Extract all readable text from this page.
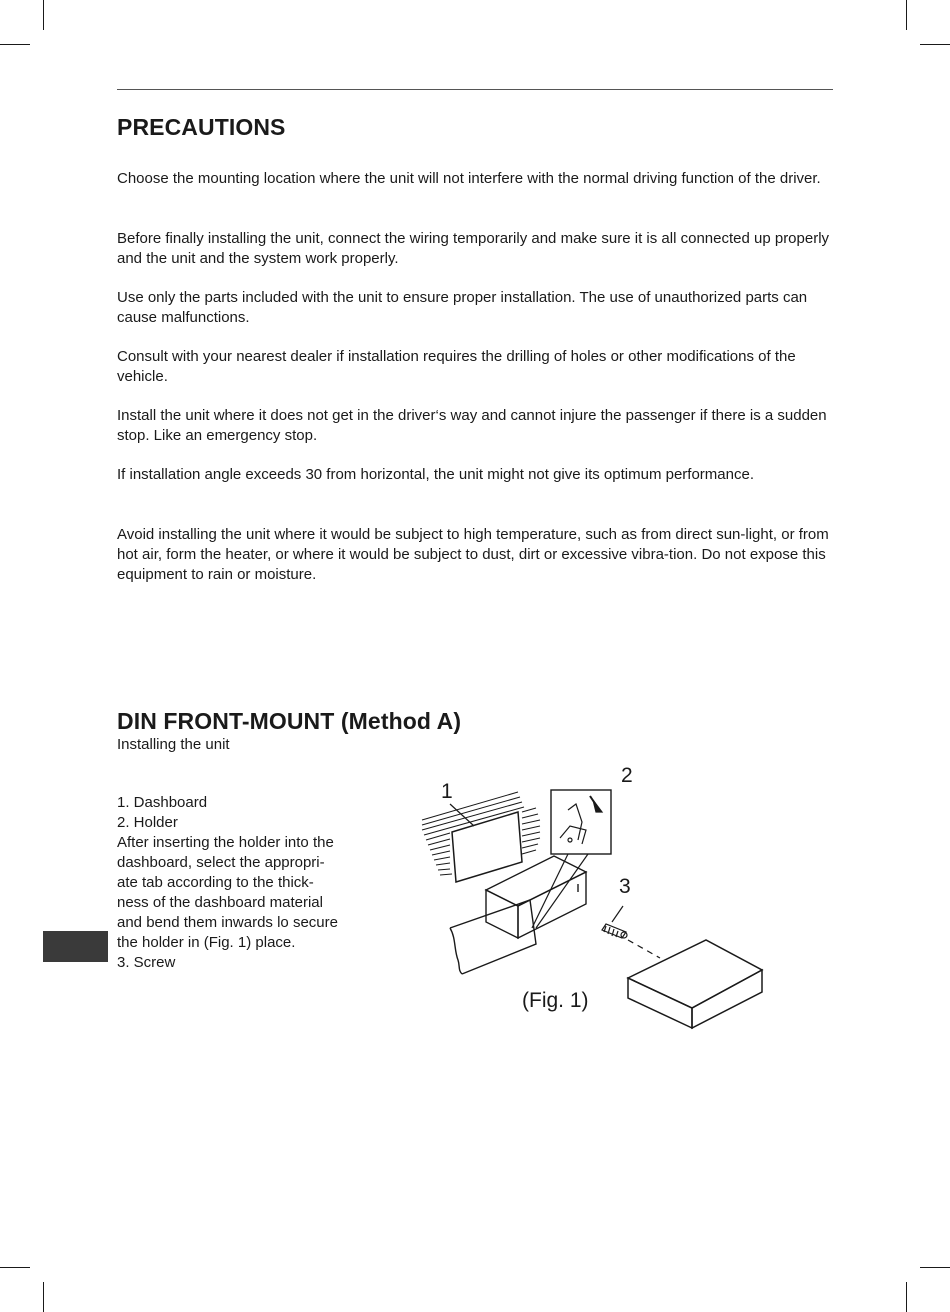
PRECAUTIONS

Choose the mounting location where the unit will not interfere with the normal driving function of the driver.

Before finally installing the unit, connect the wiring temporarily and make sure it is all connected up properly and the unit and the system work properly.

Use only the parts included with the unit to ensure proper installation. The use of unauthorized parts can cause malfunctions.

Consult with your nearest dealer if installation requires the drilling of holes or other modifications of the vehicle.

Install the unit where it does not get in the driver‘s way and cannot injure the passenger if there is a sudden stop. Like an emergency stop.

If installation angle exceeds 30 from horizontal, the unit might not give its optimum performance.

Avoid installing the unit where it would be subject to high temperature, such as from direct sun-light, or from hot air, form the heater, or where it would be subject to dust, dirt or excessive vibra-tion. Do not expose this equipment to rain or moisture.

DIN FRONT-MOUNT (Method A)

Installing the unit

1. Dashboard
2. Holder
After inserting the holder into the
dashboard, select the appropri-
ate tab according to the thick-
ness of the dashboard material
and bend them inwards lo secure
the holder in (Fig. 1) place.
3. Screw
1
2
3
(Fig. 1)
